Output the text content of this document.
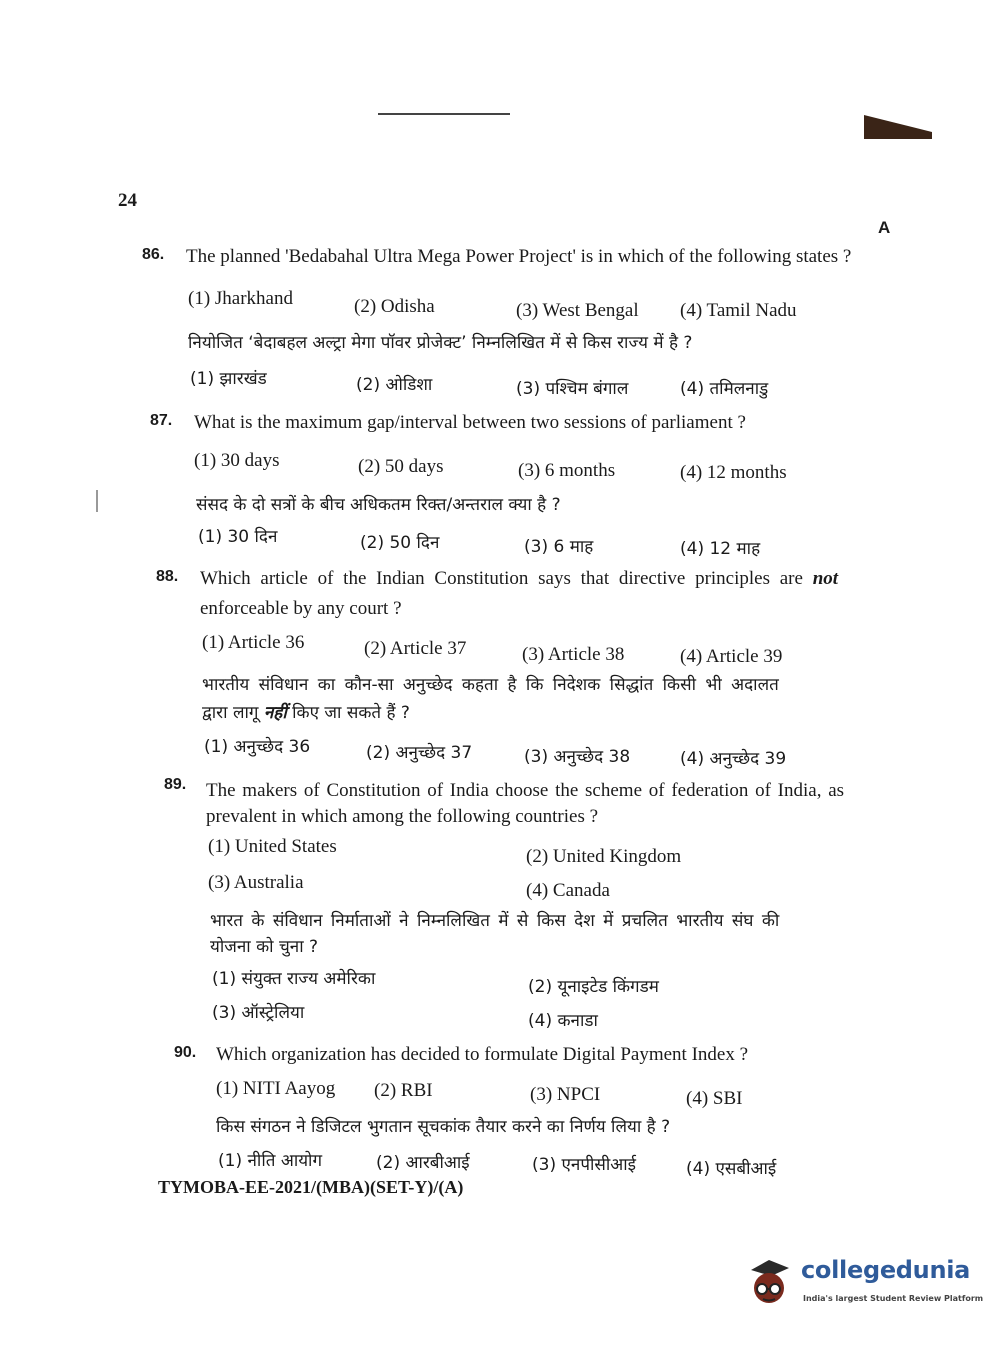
24
A
86. The planned 'Bedabahal Ultra Mega Power Project' is in which of the following states ?
(1) Jharkhand	(2) Odisha	(3) West Bengal (4) Tamil Nadu
नियोजित ‘बेदाबहल अल्ट्रा मेगा पॉवर प्रोजेक्ट’ निम्नलिखित में से किस राज्य में है ?
(1) झारखंड	(2) ओडिशा	(3) पश्चिम बंगाल	(4) तमिलनाडु
87. What is the maximum gap/interval between two sessions of parliament ?
(1) 30 days	(2) 50 days	(3) 6 months	(4) 12 months
संसद के दो सत्रों के बीच अधिकतम रिक्त/अन्तराल क्या है ?
(1) 30 दिन	(2) 50 दिन	(3) 6 माह	(4) 12 माह
88. Which article of the Indian Constitution says that directive principles are not
enforceable by any court ?
(1) Article 36	(2) Article 37	(3) Article 38	(4) Article 39
भारतीय संविधान का कौन-सा अनुच्छेद कहता है कि निदेशक सिद्धांत किसी भी अदालत
द्वारा लागू नहीं किए जा सकते हैं ?
(1) अनुच्छेद 36	(2) अनुच्छेद 37	(3) अनुच्छेद 38	(4) अनुच्छेद 39
89. The makers of Constitution of India choose the scheme of federation of India, as
prevalent in which among the following countries ?
(1) United States	(2) United Kingdom
(3) Australia	(4) Canada
भारत के संविधान निर्माताओं ने निम्नलिखित में से किस देश में प्रचलित भारतीय संघ की
योजना को चुना ?
(1) संयुक्त राज्य अमेरिका	(2) यूनाइटेड किंगडम
(3) ऑस्ट्रेलिया	(4) कनाडा
90. Which organization has decided to formulate Digital Payment Index ?
(1) NITI Aayog (2) RBI	(3) NPCI	(4) SBI
किस संगठन ने डिजिटल भुगतान सूचकांक तैयार करने का निर्णय लिया है ?
(1) नीति आयोग	(2) आरबीआई	(3) एनपीसीआई	(4) एसबीआई
TYMOBA-EE-2021/(MBA)(SET-Y)/(A)
collegedunia
India's largest Student Review Platform
